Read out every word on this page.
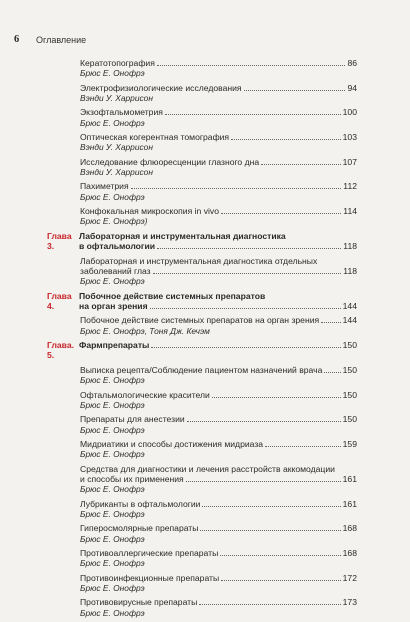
6 Оглавление
Кератотопография	86
Брюс Е. Онофрэ
Электрофизиологические исследования	94
Вэнди У. Харрисон
Экзофтальмометрия	100
Брюс Е. Онофрэ
Оптическая когерентная томография	103
Вэнди У. Харрисон
Исследование флюоресценции глазного дна	107
Вэнди У. Харрисон
Пахиметрия	112
Брюс Е. Онофрэ
Конфокальная микроскопия in vivo	114
Брюс Е. Онофрэ)
Глава 3.
Лабораторная и инструментальная диагностика
в офтальмологии	118
Лабораторная и инструментальная диагностика отдельных
заболеваний глаз	118
Брюс Е. Онофрэ
Глава 4.
Побочное действие системных препаратов
на орган зрения	144
Побочное действие системных препаратов на орган зрения	144
Брюс Е. Онофрэ, Тоня Дж. Кечэм
Глава. 5.
Фармпрепараты	150
Выписка рецепта/Соблюдение пациентом назначений врача 150
Брюс Е. Онофрэ
Офтальмологические красители	150
Брюс Е. Онофрэ
Препараты для анестезии	150
Брюс Е. Онофрэ
Мидриатики и способы достижения мидриаза	159
Брюс Е. Онофрэ
Средства для диагностики и лечения расстройств аккомодации
и способы их применения	161
Брюс Е. Онофрэ
Лубриканты в офтальмологии	161
Брюс Е. Онофрэ
Гиперосмолярные препараты	168
Брюс Е. Онофрэ
Противоаллергические препараты	168
Брюс Е. Онофрэ
Противоинфекционные препараты	172
Брюс Е. Онофрэ
Противовирусные препараты	173
Брюс Е. Онофрэ
